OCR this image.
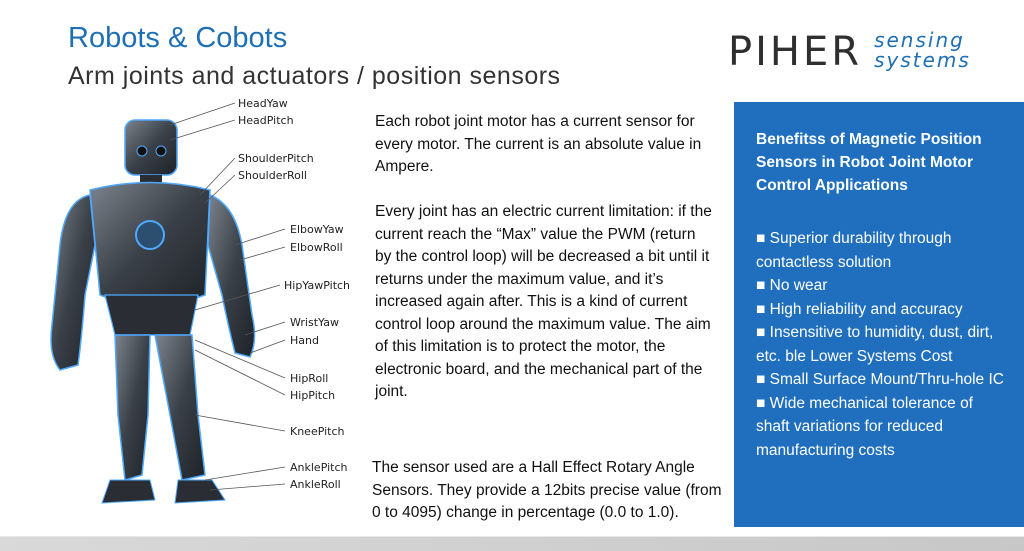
Robots & Cobots
Arm joints and actuators / position sensors
PIHER sensing
systems
HeadYaw
HeadPitch
ShoulderPitch
ShoulderRoll
ElbowYaw
ElbowRoll
HipYawPitch
WristYaw
Hand
HipRoll
HipPitch
KneePitch
AnklePitch
AnkleRoll
Each robot joint motor has a current sensor for every motor. The current is an absolute value in Ampere.
Every joint has an electric current limitation: if the current reach the “Max” value the PWM (return by the control loop) will be decreased a bit until it returns under the maximum value, and it’s increased again after. This is a kind of current control loop around the maximum value. The aim of this limitation is to protect the motor, the electronic board, and the mechanical part of the joint.
The sensor used are a Hall Effect Rotary Angle Sensors. They provide a 12bits precise value (from 0 to 4095) change in percentage (0.0 to 1.0).
Benefitss of Magnetic Position Sensors in Robot Joint Motor Control Applications
■ Superior durability through contactless solution
■ No wear
■ High reliability and accuracy
■ Insensitive to humidity, dust, dirt, etc. ble Lower Systems Cost
■ Small Surface Mount/Thru-hole IC
■ Wide mechanical tolerance of shaft variations for reduced manufacturing costs
